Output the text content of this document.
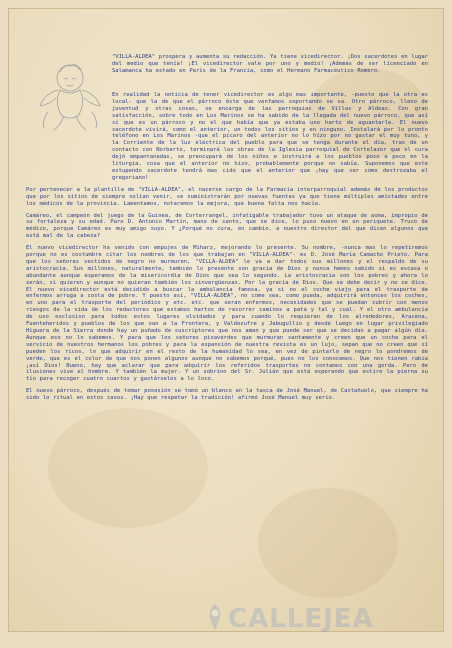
"VILLA-ALDEA" prospera y aumenta su redacción. Ya tiene vicedirector. ¡Dos sacerdotes en lugar del medio que tenía! ¡El vicedirector vale por uno y medio! ¡Además de ser licenciado en Salamanca ha estado en París de la Francia, como el Hermano Farmacéutico Romero.

En realidad la noticia de tener vicedirector es algo mas importante, -puesto que la otra es local- que la de que el párroco éste que venfamos soportando se va. Otro párroco, lleno de juventud y otras cosas, se encarga de las parroquias de Villas y Aldeas. Con gran satisfacción, sobre todo en Los Marinos se ha sabido de la llegada del nuevo párroco, que así sí que es un párroco y no el que había que ya estaba uno harto de aguantarle. El nuevo sacerdote vivirá, como el anterior, un todos los sitios y en ninguno. Instalará por lo pronto teléfono en Los Marinos -que el pícaro del anterior no lo hizo por no gastar el muy tuno, y la Corriente de la luz eléctrica del pueblo para que se tenga durante el día, tras de un contacto con Norberto, terminará las obras de la Iglesia parroquial de Cortelazor que el cura dejó empantanadas, se preocupará de los niños e instruirá a los pueblos poco a poco en la liturgia, cosa que el anterior no hizo, probablemente porque no sabía. Suponemos que este estupendo sacerdote tendrá mas cido que el anterior que ¡hay que ver cómo destrozaba el gregoriano!

Por pertenecer a la plantilla de "VILLA-ALDEA", el nacerse cargo de la Farmacia interparroquial además de los productos que por los sitios de siempre solían venir, se suministrarán por nuevas fuentes ya que tiene múltiples amistades entre los médicos de la provincia. Lamentamos, notaremos la mejora, que buena falta nos hacía.

Camáreo, el campeón del juego de la Guinea, de Corterrangel, infatigable trabajador tuvo un ataque de asma, impropio de su fortaleza y su edad. Paro D. Antonio Martín, mano de santo, que se dice, lo puso nuevo en un periquete. Truco de médico, porque Camáreo es muy amigo suyo. Y ¿Porqué no cura, en cambio, a nuestro director del que dicen algunos que está mal de la cabeza?

El nuevo vicedirector ha venido con empujes de Miharz, mejorando lo presente. Su nombre, -nunca mas lo repetiremos porque no es costumbre citar los nombres de los que trabajan en "VILLA-ALDEA"- es D. José María Camacho Prieto. Para que los señores vestidos de negro no murmuren, "VILLA-ALDEA" le va a dar todos sus millones y el respaldo de su aristocracia. Sus millones, naturalmente, también lo presente son gracia de Dios y nunca hemos sabido si es escasa o abundante aunque esperamos de la misericordia de Dios que sea lo segundo. La aristocracia son los pobres y ahora lo serán, si quieren y aunque no quieran también los sinvergüenzas. Por la gracia de Dios. Que se debe decir y no se dice. El nuevo vicedirector está decidido a buscar la ambulancia famosa, ya si no el coche viejo para el trasporte de enfermos arruga a costa de pobre. Y puesto así, "VILLA-ALDEA", no come sea, como pueda, adquirirá entonces los coches, en uno para el trasporte del periódico y etc. etc. que serán enfermos, necesidades que se puedan cubrir con menos riesgos de la vida de los redactores que estamos hartos de recorrer caminos a pata y tal y cual. Y el otro ambulancia de uso exclusivo para todos estos lugares olvidados y para cuando lo requieran de los alrededores, Aracena, Fuenteheridos y pueblos de los que van a la Frontera, y Valdezufre y Jabugullio y desde luego en lugar privilegiado Higuera de la Sierra donde hay un puñado de suscriptores que nos aman y que puede ser que se decidan a pagar algún día. Aunque eso no lo sabemos. Y para que los señores pisaverdes que murmuran santamente y creen que un coche para el servicio de nuestros hermanos los pobres y para la expansión de nuestra revista es un lujo, sepan que no creen que sí pueden los ricos, lo que adquirir en el resto de la humanidad lo sea, en vez de pintarlo de negro lo pondremos de verde, que es el color de que nos ponen algunos aunque no sabemos porqué, pues no los conocemos. Que nos tienen rabia ¡así Dios! Bueno, hay que aclarar que para adquirir los referidos trasportes no contamos con una gorda. Pero de ilusiones vive el hombre. Y también la mujer. Y un sobrino del Sr. Julián que está esperando que estire la pierna su tío para recoger cuatro cuartos y gastárselos a lo loco.

El nuevo párroco, después de tomar posesión se tomó un blanco en la tasca de José Manuel, de Castañuelo, que siempre ha sido lo ritual en estos casos. ¡Hay que respetar la tradición! afirmó José Manuel muy serio.

CALLEJEA
